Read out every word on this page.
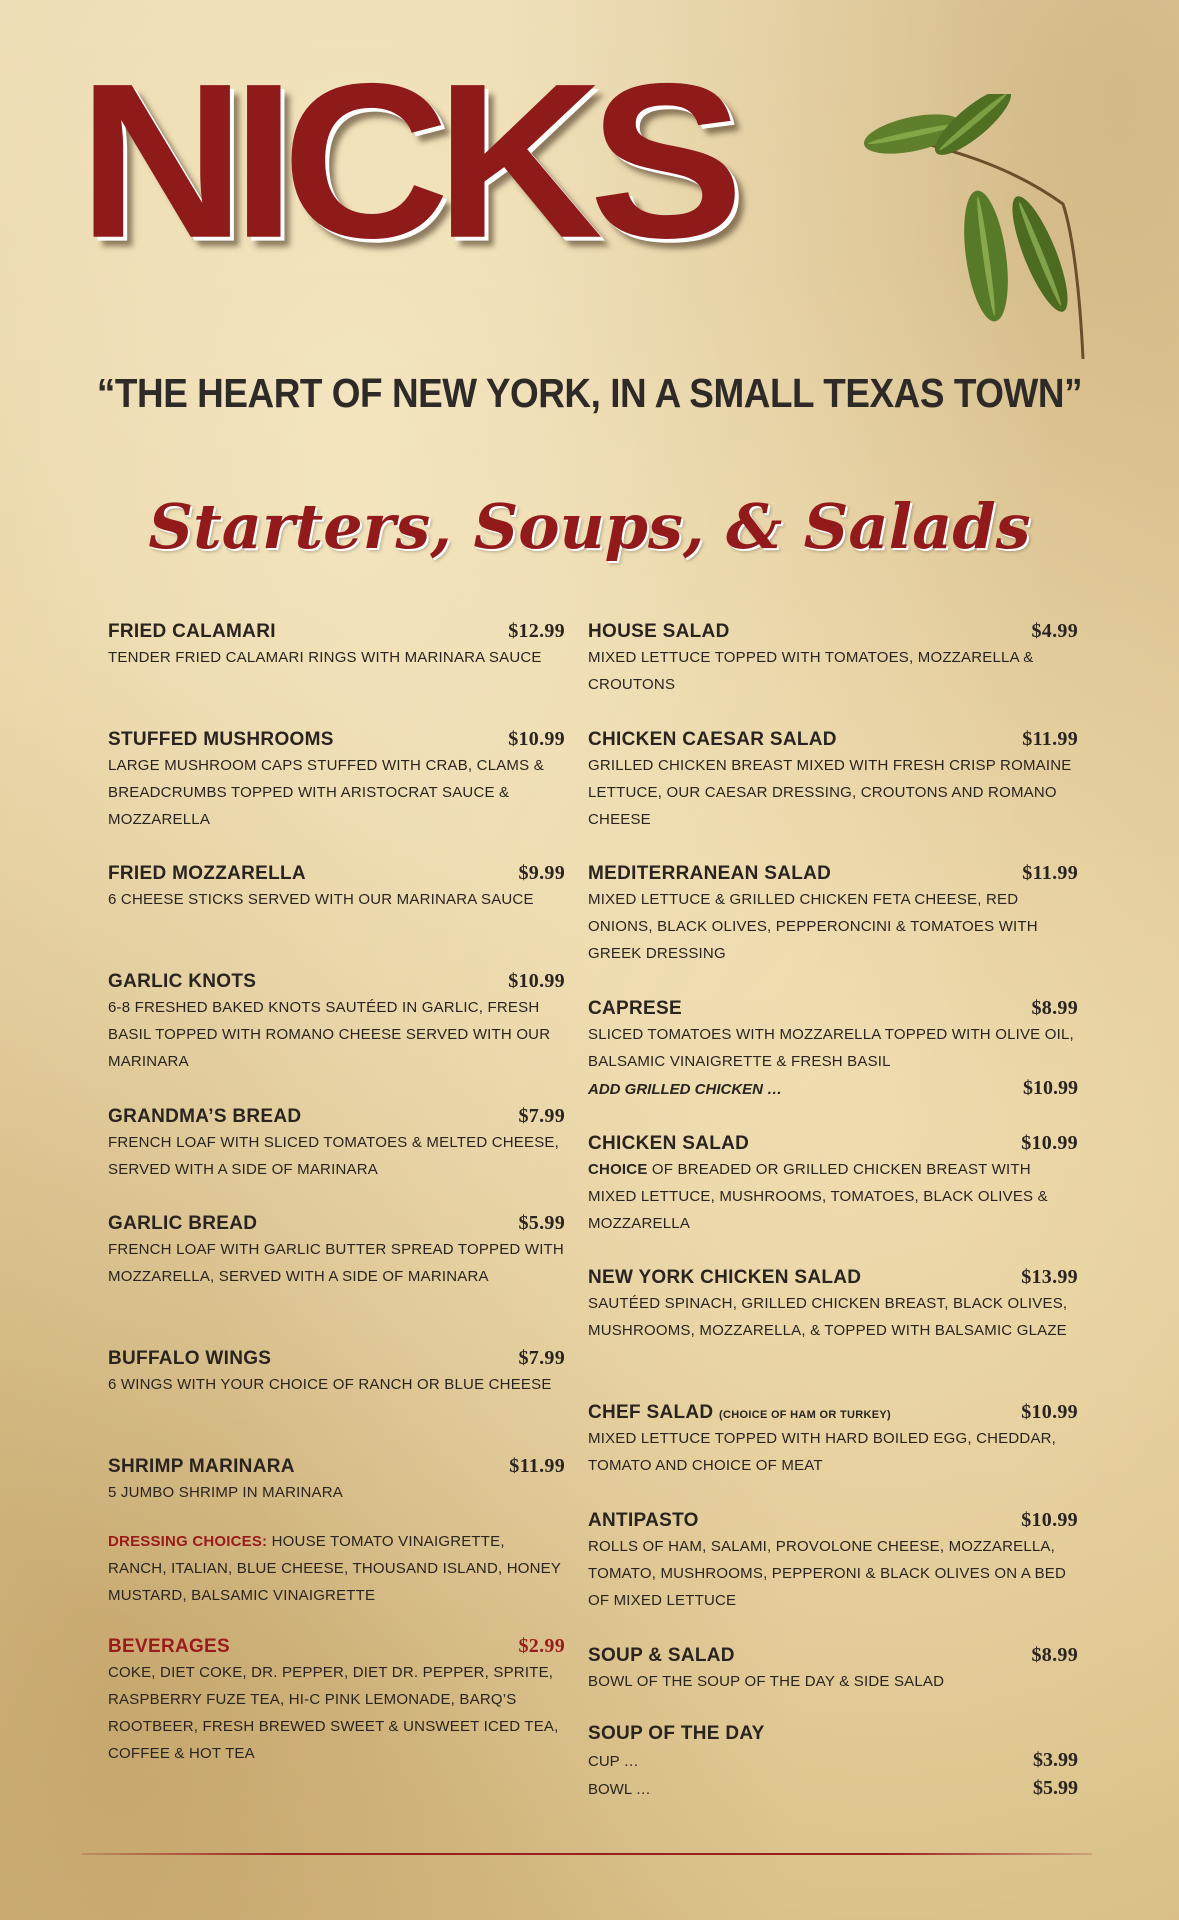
NICKS

“THE HEART OF NEW YORK, IN A SMALL TEXAS TOWN”

Starters, Soups, & Salads
FRIED CALAMARI	$12.99
TENDER FRIED CALAMARI RINGS WITH MARINARA SAUCE
STUFFED MUSHROOMS	$10.99
LARGE MUSHROOM CAPS STUFFED WITH CRAB, CLAMS & BREADCRUMBS TOPPED WITH ARISTOCRAT SAUCE & MOZZARELLA
FRIED MOZZARELLA	$9.99
6 CHEESE STICKS SERVED WITH OUR MARINARA SAUCE
GARLIC KNOTS	$10.99
6-8 FRESHED BAKED KNOTS SAUTÉED IN GARLIC, FRESH BASIL TOPPED WITH ROMANO CHEESE SERVED WITH OUR MARINARA
GRANDMA’S BREAD	$7.99
FRENCH LOAF WITH SLICED TOMATOES & MELTED CHEESE, SERVED WITH A SIDE OF MARINARA
GARLIC BREAD	$5.99
FRENCH LOAF WITH GARLIC BUTTER SPREAD TOPPED WITH MOZZARELLA, SERVED WITH A SIDE OF MARINARA
BUFFALO WINGS	$7.99
6 WINGS WITH YOUR CHOICE OF RANCH OR BLUE CHEESE
SHRIMP MARINARA	$11.99
5 JUMBO SHRIMP IN MARINARA
DRESSING CHOICES: HOUSE TOMATO VINAIGRETTE, RANCH, ITALIAN, BLUE CHEESE, THOUSAND ISLAND, HONEY MUSTARD, BALSAMIC VINAIGRETTE
BEVERAGES	$2.99
COKE, DIET COKE, DR. PEPPER, DIET DR. PEPPER, SPRITE, RASPBERRY FUZE TEA, HI-C PINK LEMONADE, BARQ’S ROOTBEER, FRESH BREWED SWEET & UNSWEET ICED TEA, COFFEE & HOT TEA
HOUSE SALAD	$4.99
MIXED LETTUCE TOPPED WITH TOMATOES, MOZZARELLA & CROUTONS
CHICKEN CAESAR SALAD	$11.99
GRILLED CHICKEN BREAST MIXED WITH FRESH CRISP ROMAINE LETTUCE, OUR CAESAR DRESSING, CROUTONS AND ROMANO CHEESE
MEDITERRANEAN SALAD	$11.99
MIXED LETTUCE & GRILLED CHICKEN FETA CHEESE, RED ONIONS, BLACK OLIVES, PEPPERONCINI & TOMATOES WITH GREEK DRESSING
CAPRESE	$8.99
SLICED TOMATOES WITH MOZZARELLA TOPPED WITH OLIVE OIL, BALSAMIC VINAIGRETTE & FRESH BASIL
ADD GRILLED CHICKEN …	$10.99
CHICKEN SALAD	$10.99
CHOICE OF BREADED OR GRILLED CHICKEN BREAST WITH MIXED LETTUCE, MUSHROOMS, TOMATOES, BLACK OLIVES & MOZZARELLA
NEW YORK CHICKEN SALAD	$13.99
SAUTÉED SPINACH, GRILLED CHICKEN BREAST, BLACK OLIVES, MUSHROOMS, MOZZARELLA, & TOPPED WITH BALSAMIC GLAZE
CHEF SALAD (CHOICE OF HAM OR TURKEY)	$10.99
MIXED LETTUCE TOPPED WITH HARD BOILED EGG, CHEDDAR, TOMATO AND CHOICE OF MEAT
ANTIPASTO	$10.99
ROLLS OF HAM, SALAMI, PROVOLONE CHEESE, MOZZARELLA, TOMATO, MUSHROOMS, PEPPERONI & BLACK OLIVES ON A BED OF MIXED LETTUCE
SOUP & SALAD	$8.99
BOWL OF THE SOUP OF THE DAY & SIDE SALAD
SOUP OF THE DAY
CUP …	$3.99
BOWL …	$5.99
